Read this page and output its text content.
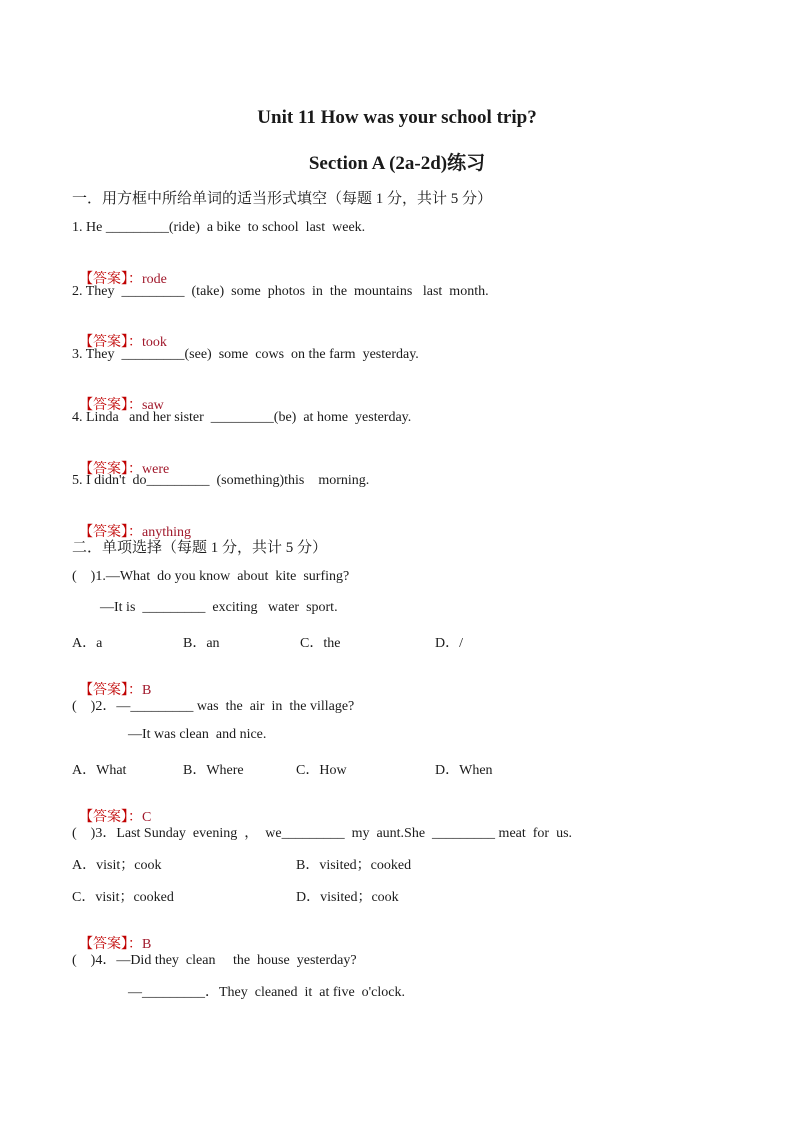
Unit 11 How was your school trip?
Section A (2a-2d)练习
一．用方框中所给单词的适当形式填空（每题 1 分，共计 5 分）
1. He _________(ride)  a bike  to school  last  week.

【答案】：rode

2. They  _________  (take)  some  photos  in  the  mountains   last  month.

【答案】：took

3. They  _________(see)  some  cows  on the farm  yesterday.

【答案】：saw

4. Linda   and her sister  _________(be)  at home  yesterday.

【答案】：were

5. I didn't  do_________  (something)this    morning.

【答案】：anything

二．单项选择（每题 1 分，共计 5 分）
(    )1.—What  do you know  about  kite  surfing?
—It is  _________  exciting   water  sport.
A．a	B．an	C．the	D．/

【答案】：B

(    )2．—_________ was  the  air  in  the village?
—It was clean  and nice.
A．What	B．Where	C．How	D．When

【答案】：C

(    )3．Last Sunday  evening  ，  we_________  my  aunt.She  _________ meat  for  us.
A．visit；cook	B．visited；cooked
C．visit；cooked	D．visited；cook

【答案】：B

(    )4．—Did they  clean     the  house  yesterday?
—_________．They  cleaned  it  at five  o'clock.
